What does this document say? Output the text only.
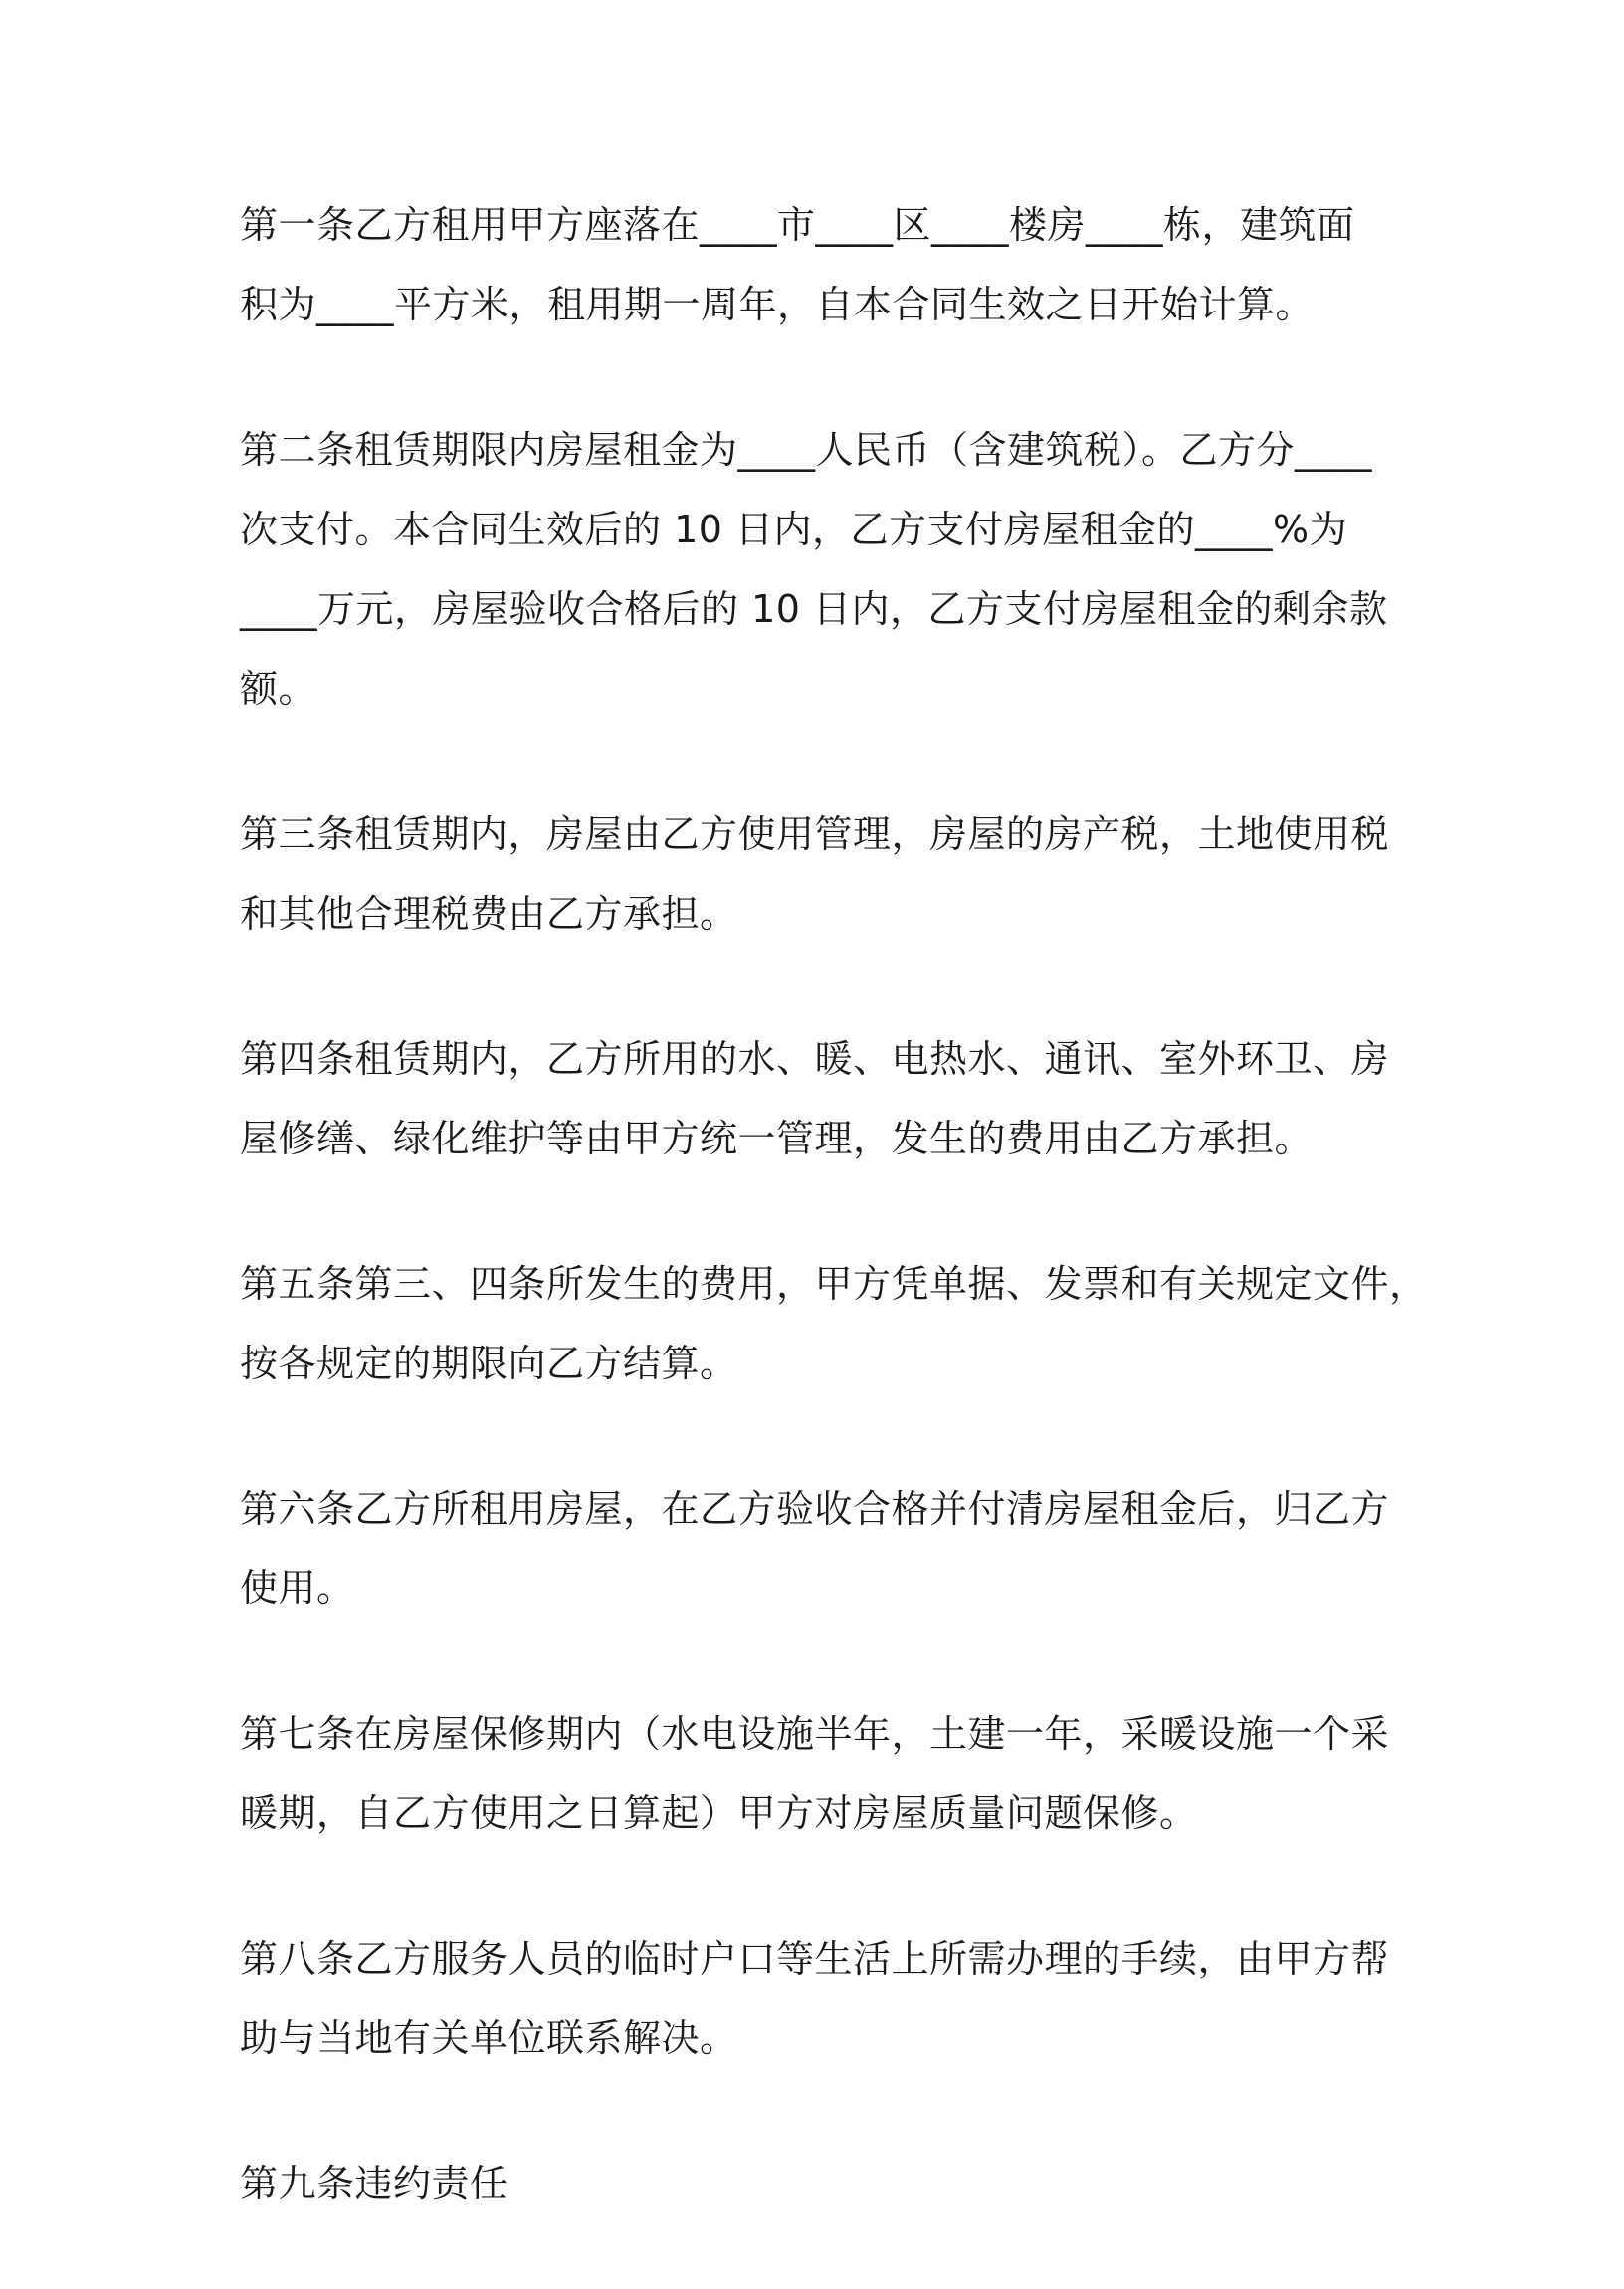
第一条乙方租用甲方座落在____市____区____楼房____栋，建筑面
积为____平方米，租用期一周年，自本合同生效之日开始计算。

第二条租赁期限内房屋租金为____人民币（含建筑税）。乙方分____
次支付。本合同生效后的 10 日内，乙方支付房屋租金的____%为
____万元，房屋验收合格后的 10 日内，乙方支付房屋租金的剩余款
额。

第三条租赁期内，房屋由乙方使用管理，房屋的房产税，土地使用税
和其他合理税费由乙方承担。

第四条租赁期内，乙方所用的水、暖、电热水、通讯、室外环卫、房
屋修缮、绿化维护等由甲方统一管理，发生的费用由乙方承担。

第五条第三、四条所发生的费用，甲方凭单据、发票和有关规定文件，
按各规定的期限向乙方结算。

第六条乙方所租用房屋，在乙方验收合格并付清房屋租金后，归乙方
使用。

第七条在房屋保修期内（水电设施半年，土建一年，采暖设施一个采
暖期，自乙方使用之日算起）甲方对房屋质量问题保修。

第八条乙方服务人员的临时户口等生活上所需办理的手续，由甲方帮
助与当地有关单位联系解决。

第九条违约责任
